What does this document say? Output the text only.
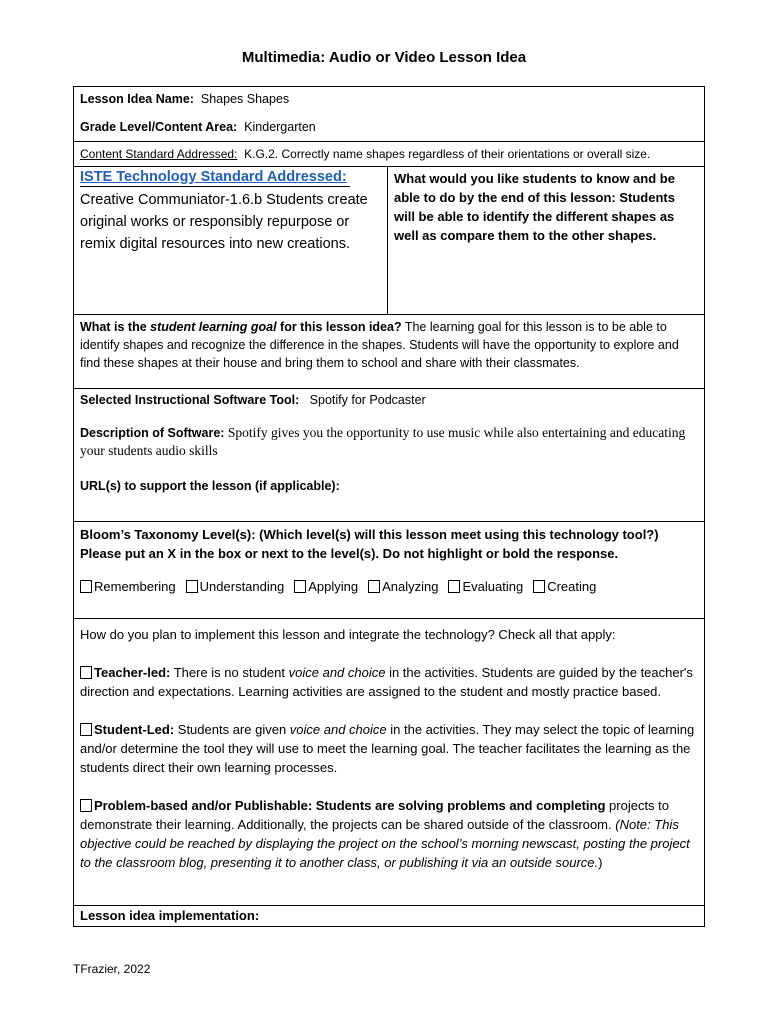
Multimedia: Audio or Video Lesson Idea
Lesson Idea Name: Shapes Shapes
Grade Level/Content Area: Kindergarten
Content Standard Addressed: K.G.2. Correctly name shapes regardless of their orientations or overall size.
ISTE Technology Standard Addressed:
Creative Communiator-1.6.b Students create original works or responsibly repurpose or remix digital resources into new creations.
What would you like students to know and be able to do by the end of this lesson: Students will be able to identify the different shapes as well as compare them to the other shapes.
What is the student learning goal for this lesson idea? The learning goal for this lesson is to be able to identify shapes and recognize the difference in the shapes. Students will have the opportunity to explore and find these shapes at their house and bring them to school and share with their classmates.

Selected Instructional Software Tool: Spotify for Podcaster

Description of Software: Spotify gives you the opportunity to use music while also entertaining and educating your students audio skills

URL(s) to support the lesson (if applicable):

Bloom’s Taxonomy Level(s): (Which level(s) will this lesson meet using this technology tool?) Please put an X in the box or next to the level(s). Do not highlight or bold the response.
Remembering	Understanding	Applying	Analyzing	Evaluating	Creating
How do you plan to implement this lesson and integrate the technology? Check all that apply:
Teacher-led: There is no student voice and choice in the activities. Students are guided by the teacher's direction and expectations. Learning activities are assigned to the student and mostly practice based.
Student-Led: Students are given voice and choice in the activities. They may select the topic of learning and/or determine the tool they will use to meet the learning goal. The teacher facilitates the learning as the students direct their own learning processes.
Problem-based and/or Publishable: Students are solving problems and completing projects to demonstrate their learning. Additionally, the projects can be shared outside of the classroom. (Note: This objective could be reached by displaying the project on the school’s morning newscast, posting the project to the classroom blog, presenting it to another class, or publishing it via an outside source.)
Lesson idea implementation:
TFrazier, 2022
